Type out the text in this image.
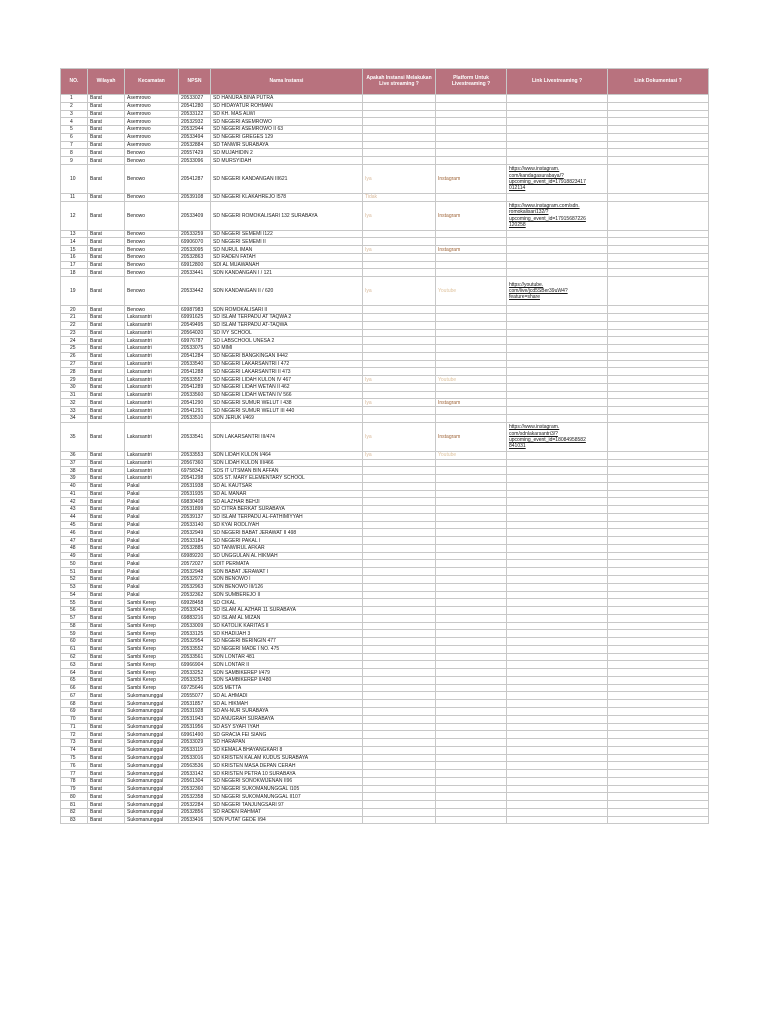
NO.	Wilayah	Kecamatan	NPSN	Nama Instansi	Apakah Instansi Melakukan Live streaming ?	Platform Untuk Livestreaming ?	Link Livestreaming ?	Link Dokumentasi ?
1	Barat	Asemrowo	20533027	SD HANURA BINA PUTRA				
2	Barat	Asemrowo	20541280	SD HIDAYATUR ROHMAN				
3	Barat	Asemrowo	20533122	SD KH. MAS ALWI				
4	Barat	Asemrowo	20532932	SD NEGERI ASEMROWO				
5	Barat	Asemrowo	20532944	SD NEGERI ASEMROWO II 63				
6	Barat	Asemrowo	20533494	SD NEGERI GREGES 129				
7	Barat	Asemrowo	20532884	SD TANWIR SURABAYA				
8	Barat	Benowo	20557429	SD MUJAHIDIN 2				
9	Barat	Benowo	20533096	SD MURSYIDAH				
10	Barat	Benowo	20541287	SD NEGERI KANDANGAN III621	Iya	Instagram	https://www.instagram.
com/kandagasurabaya/?
upcoming_event_id=17918823417
012114	
11	Barat	Benowo	20539108	SD NEGERI KLAKAHREJO I578	Tidak			
12	Barat	Benowo	20533409	SD NEGERI ROMOKALISARI 132 SURABAYA	Iya	Instagram	https://www.instagram.com/sdn.
romokalisari132/?
upcoming_event_id=17915687226
120258	
13	Barat	Benowo	20533259	SD NEGERI SEMEMI I122				
14	Barat	Benowo	69906070	SD NEGERI SEMEMI II				
15	Barat	Benowo	20533095	SD NURUL IMAN	Iya	Instagram		
16	Barat	Benowo	20532863	SD RADEN FATAH				
17	Barat	Benowo	69912800	SDI AL MUAWANAH				
18	Barat	Benowo	20533441	SDN KANDANGAN I / 121				
19	Barat	Benowo	20533442	SDN KANDANGAN II / 620	Iya	Youtube	https://youtube.
com/live/jcd5SBer39uW4?
feature=share	
20	Barat	Benowo	69987983	SDN ROMOKALISARI II				
21	Barat	Lakarsantri	69991625	SD ISLAM TERPADU AT TAQWA 2				
22	Barat	Lakarsantri	20549495	SD ISLAM TERPADU AT-TAQWA				
23	Barat	Lakarsantri	20564020	SD IVY SCHOOL				
24	Barat	Lakarsantri	69976787	SD LABSCHOOL UNESA 2				
25	Barat	Lakarsantri	20533075	SD MIMI				
26	Barat	Lakarsantri	20541284	SD NEGERI BANGKINGAN II442				
27	Barat	Lakarsantri	20533540	SD NEGERI LAKARSANTRI I 472				
28	Barat	Lakarsantri	20541288	SD NEGERI LAKARSANTRI II 473				
29	Barat	Lakarsantri	20533557	SD NEGERI LIDAH KULON IV 467	Iya	Youtube		
30	Barat	Lakarsantri	20541289	SD NEGERI LIDAH WETAN II 462				
31	Barat	Lakarsantri	20533560	SD NEGERI LIDAH WETAN IV 566				
32	Barat	Lakarsantri	20541290	SD NEGERI SUMUR WELUT I 438	Iya	Instagram		
33	Barat	Lakarsantri	20541291	SD NEGERI SUMUR WELUT III 440				
34	Barat	Lakarsantri	20533510	SDN JERUK I/469				
35	Barat	Lakarsantri	20533541	SDN LAKARSANTRI III/474	Iya	Instagram	https://www.instagram.
com/sdnlakarsantri3/?
upcoming_event_id=18084958582
841031	
36	Barat	Lakarsantri	20533553	SDN LIDAH KULON I/464	Iya	Youtube		
37	Barat	Lakarsantri	20567360	SDN LIDAH KULON III/466				
38	Barat	Lakarsantri	69758342	SDS IT UTSMAN BIN AFFAN				
39	Barat	Lakarsantri	20541298	SDS ST. MARY ELEMENTARY SCHOOL				
40	Barat	Pakal	20531938	SD AL KAUTSAR				
41	Barat	Pakal	20531935	SD AL MANAR				
42	Barat	Pakal	69830408	SD ALAZHAR BEHJI				
43	Barat	Pakal	20531899	SD CITRA BERKAT SURABAYA				
44	Barat	Pakal	20539137	SD ISLAM TERPADU AL-FATHIMIYYAH				
45	Barat	Pakal	20533140	SD KYAI RODLIYAH				
46	Barat	Pakal	20532949	SD NEGERI BABAT JERAWAT II 498				
47	Barat	Pakal	20533184	SD NEGERI PAKAL I				
48	Barat	Pakal	20532885	SD TANWIRUL AFKAR				
49	Barat	Pakal	69989220	SD UNGGULAN AL HIKMAH				
50	Barat	Pakal	20572027	SDIT PERMATA				
51	Barat	Pakal	20532948	SDN BABAT JERAWAT I				
52	Barat	Pakal	20532972	SDN BENOWO I				
53	Barat	Pakal	20532963	SDN BENOWO III/126				
54	Barat	Pakal	20532362	SDN SUMBEREJO II				
55	Barat	Sambi Kerep	69928458	SD CIKAL				
56	Barat	Sambi Kerep	20533043	SD ISLAM AL AZHAR 11 SURABAYA				
57	Barat	Sambi Kerep	69883216	SD ISLAM AL MIZAN				
58	Barat	Sambi Kerep	20533009	SD KATOLIK KARITAS II				
59	Barat	Sambi Kerep	20533125	SD KHADIJAH 3				
60	Barat	Sambi Kerep	20532954	SD NEGERI BERINGIN 477				
61	Barat	Sambi Kerep	20533552	SD NEGERI MADE I NO. 475				
62	Barat	Sambi Kerep	20533561	SDN LONTAR 481				
63	Barat	Sambi Kerep	69966904	SDN LONTAR II				
64	Barat	Sambi Kerep	20533252	SDN SAMBIKEREP I/479				
65	Barat	Sambi Kerep	20533253	SDN SAMBIKEREP II/480				
66	Barat	Sambi Kerep	69725646	SDS METTA				
67	Barat	Sukomanunggal	20555077	SD AL AHMADI				
68	Barat	Sukomanunggal	20531857	SD AL HIKMAH				
69	Barat	Sukomanunggal	20531928	SD AN-NUR SURABAYA				
70	Barat	Sukomanunggal	20531943	SD ANUGRAH SURABAYA				
71	Barat	Sukomanunggal	20531956	SD ASY SYAFI`IYAH				
72	Barat	Sukomanunggal	69961490	SD GRACIA FEI SIANG				
73	Barat	Sukomanunggal	20533029	SD HARAPAN				
74	Barat	Sukomanunggal	20533119	SD KEMALA BHAYANGKARI 8				
75	Barat	Sukomanunggal	20533016	SD KRISTEN KALAM KUDUS SURABAYA				
76	Barat	Sukomanunggal	20563536	SD KRISTEN MASA DEPAN CERAH				
77	Barat	Sukomanunggal	20533142	SD KRISTEN PETRA 10 SURABAYA				
78	Barat	Sukomanunggal	20561304	SD NEGERI SONOKWIJENAN II96				
79	Barat	Sukomanunggal	20532360	SD NEGERI SUKOMANUNGGAL I105				
80	Barat	Sukomanunggal	20532358	SD NEGERI SUKOMANUNGGAL II107				
81	Barat	Sukomanunggal	20532284	SD NEGERI TANJUNGSARI 97				
82	Barat	Sukomanunggal	20532856	SD RADEN RAHMAT				
83	Barat	Sukomanunggal	20533416	SDN PUTAT GEDE I/94				
